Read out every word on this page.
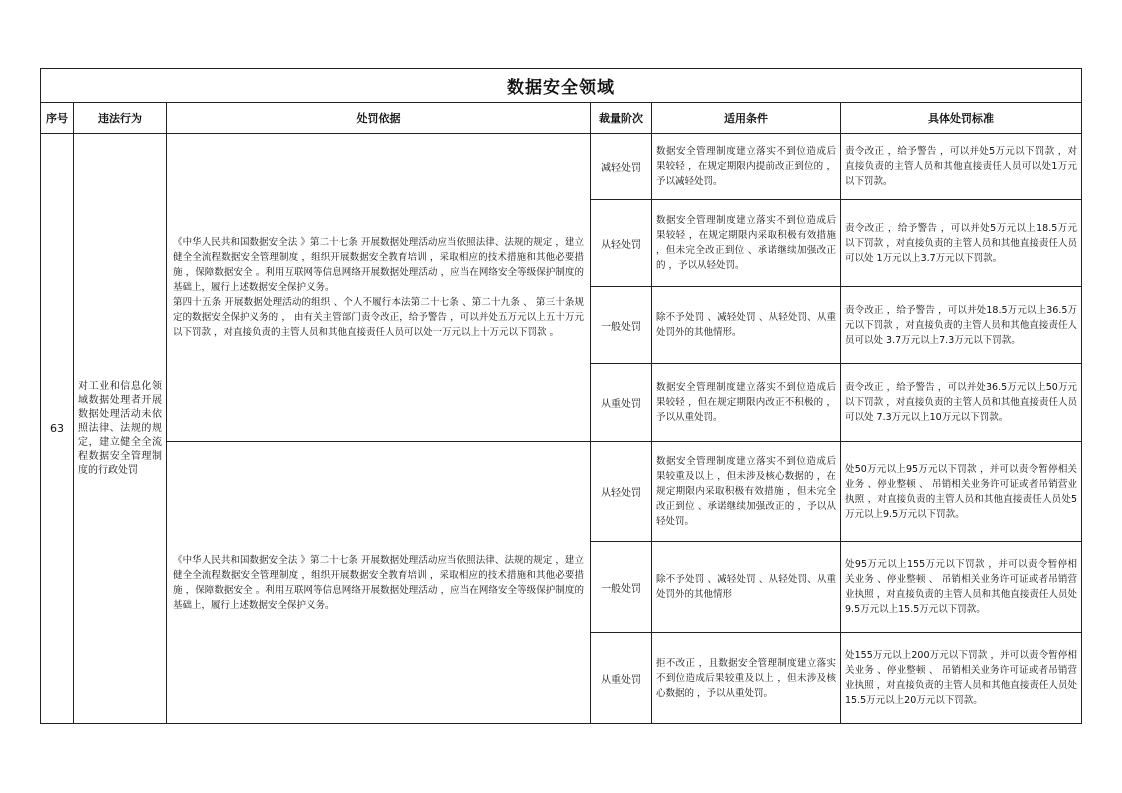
数据安全领域					
序号	违法行为	处罚依据	裁量阶次	适用条件	具体处罚标准
63	对工业和信息化领域数据处理者开展数据处理活动未依照法律、法规的规定，建立健全全流程数据安全管理制度的行政处罚	《中华人民共和国数据安全法 》第二十七条 开展数据处理活动应当依照法律、法规的规定 ，建立健全全流程数据安全管理制度 ，组织开展数据安全教育培训 ，采取相应的技术措施和其他必要措施 ，保障数据安全 。利用互联网等信息网络开展数据处理活动 ，应当在网络安全等级保护制度的基础上，履行上述数据安全保护义务。

第四十五条 开展数据处理活动的组织 、个人不履行本法第二十七条 、第二十九条 、 第三十条规定的数据安全保护义务的 ， 由有关主管部门责令改正，给予警告 ，可以并处五万元以上五十万元以下罚款 ，对直接负责的主管人员和其他直接责任人员可以处一万元以上十万元以下罚款 。	减轻处罚	数据安全管理制度建立落实不到位造成后果较轻 ，在规定期限内提前改正到位的 ，予以减轻处罚。	责令改正 ，给予警告 ，可以并处5万元以下罚款 ，对直接负责的主管人员和其他直接责任人员可以处1万元以下罚款。
			从轻处罚	数据安全管理制度建立落实不到位造成后果较轻 ，在规定期限内采取积极有效措施 ，但未完全改正到位 、承诺继续加强改正的 ，予以从轻处罚。	责令改正 ，给予警告 ，可以并处5万元以上18.5万元以下罚款 ，对直接负责的主管人员和其他直接责任人员可以处 1万元以上3.7万元以下罚款。
			一般处罚	除不予处罚 、减轻处罚 、从轻处罚、从重处罚外的其他情形。	责令改正 ，给予警告 ，可以并处18.5万元以上36.5万元以下罚款 ，对直接负责的主管人员和其他直接责任人员可以处 3.7万元以上7.3万元以下罚款。
			从重处罚	数据安全管理制度建立落实不到位造成后果较轻 ，但在规定期限内改正不积极的 ，予以从重处罚。	责令改正 ，给予警告 ，可以并处36.5万元以上50万元以下罚款 ，对直接负责的主管人员和其他直接责任人员可以处 7.3万元以上10万元以下罚款。

		《中华人民共和国数据安全法 》第二十七条 开展数据处理活动应当依照法律、法规的规定 ，建立健全全流程数据安全管理制度 ，组织开展数据安全教育培训 ，采取相应的技术措施和其他必要措施 ，保障数据安全 。利用互联网等信息网络开展数据处理活动 ，应当在网络安全等级保护制度的基础上，履行上述数据安全保护义务。	从轻处罚	数据安全管理制度建立落实不到位造成后果较重及以上 ，但未涉及核心数据的 ，在规定期限内采取积极有效措施 ，但未完全改正到位 、承诺继续加强改正的 ，予以从轻处罚。	处50万元以上95万元以下罚款 ，并可以责令暂停相关业务 、停业整顿 、 吊销相关业务许可证或者吊销营业执照 ，对直接负责的主管人员和其他直接责任人员处5万元以上9.5万元以下罚款。
			一般处罚	除不予处罚 、减轻处罚 、从轻处罚、从重处罚外的其他情形	处95万元以上155万元以下罚款 ，并可以责令暂停相关业务 、停业整顿 、 吊销相关业务许可证或者吊销营业执照 ，对直接负责的主管人员和其他直接责任人员处 9.5万元以上15.5万元以下罚款。
			从重处罚	拒不改正 ，且数据安全管理制度建立落实不到位造成后果较重及以上 ，但未涉及核心数据的 ，予以从重处罚。	处155万元以上200万元以下罚款 ，并可以责令暂停相关业务 、停业整顿 、 吊销相关业务许可证或者吊销营业执照 ，对直接负责的主管人员和其他直接责任人员处 15.5万元以上20万元以下罚款。
